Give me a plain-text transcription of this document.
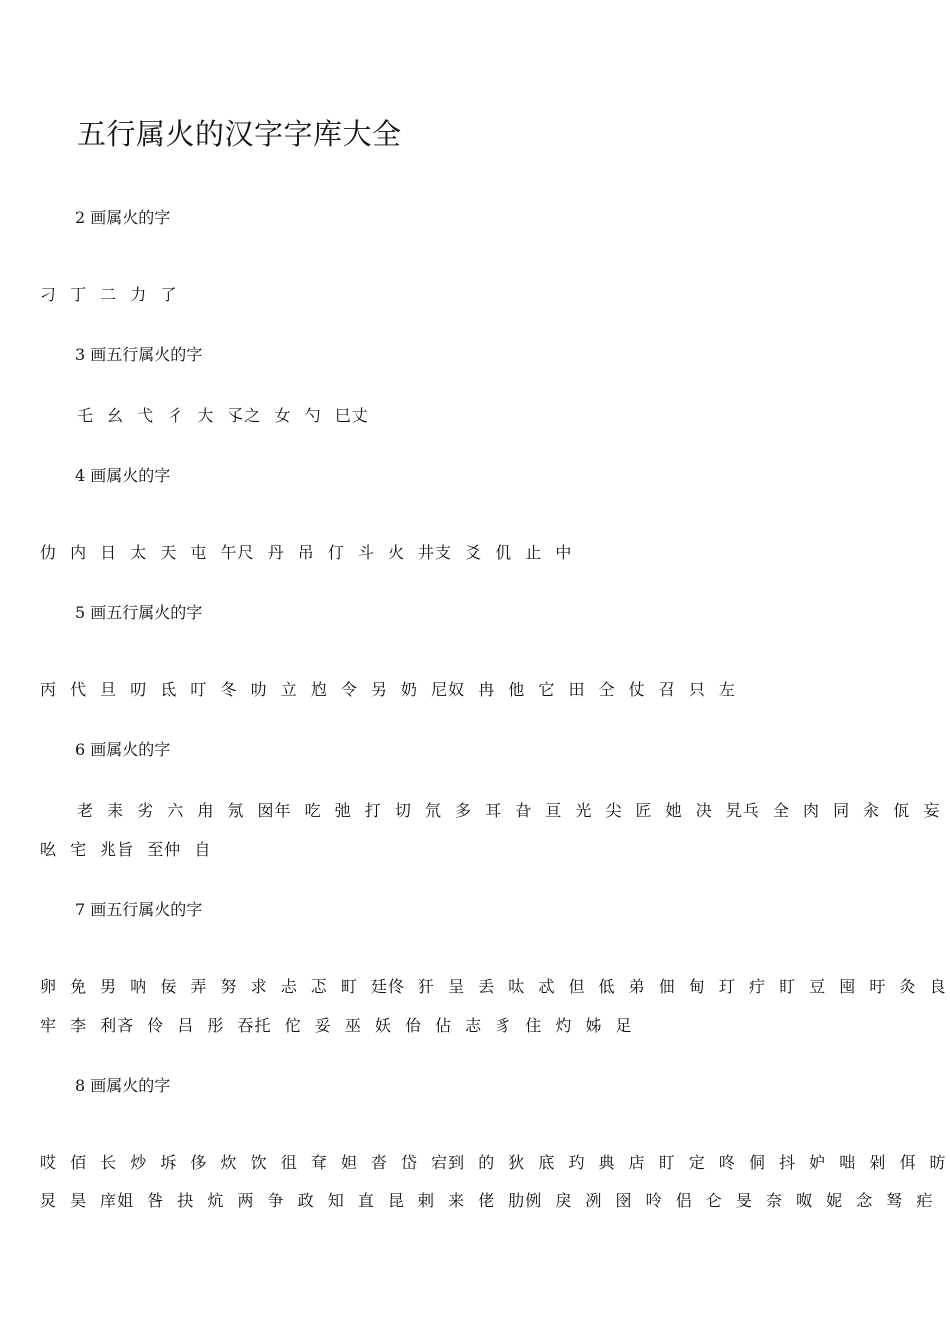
五行属火的汉字字库大全
2 画属火的字
刁 丁 二 力 了
3 画五行属火的字
乇 幺 弋 彳 大 孓之 女 勺 巳丈
4 画属火的字
仂 内 日 太 天 屯 午尺 丹 吊 仃 斗 火 井支 爻 仉 止 中
5 画五行属火的字
丙 代 旦 叨 氐 叮 冬 叻 立 尥 令 另 奶 尼奴 冉 他 它 田 仝 仗 召 只 左
6 画属火的字
老 耒 劣 六 甪 氖 囡年 吃 弛 打 切 氘 多 耳 旮 亘 光 尖 匠 她 决 旯乓 全 肉 同 汆 佤 妄
吆 宅 兆旨 至仲 自
7 画五行属火的字
卵 免 男 呐 佞 弄 努 求 忐 忑 町 廷佟 犴 呈 丢 呔 忒 但 低 弟 佃 甸 玎 疔 盯 豆 囤 旴 灸 良
牢 李 利吝 伶 吕 彤 吞托 佗 妥 巫 妖 佁 佔 志 豸 住 灼 姊 足
8 画属火的字
哎 佰 长 炒 坼 侈 炊 饮 徂 耷 妲 沓 岱 宕到 的 狄 底 玓 典 店 盯 定 咚 侗 抖 妒 咄 剁 佴 昉
炅 昊 庠姐 咎 抉 炕 两 争 政 知 直 昆 剌 来 佬 肋例 戾 冽 囹 呤 侣 仑 旻 奈 呶 妮 念 驽 疟
